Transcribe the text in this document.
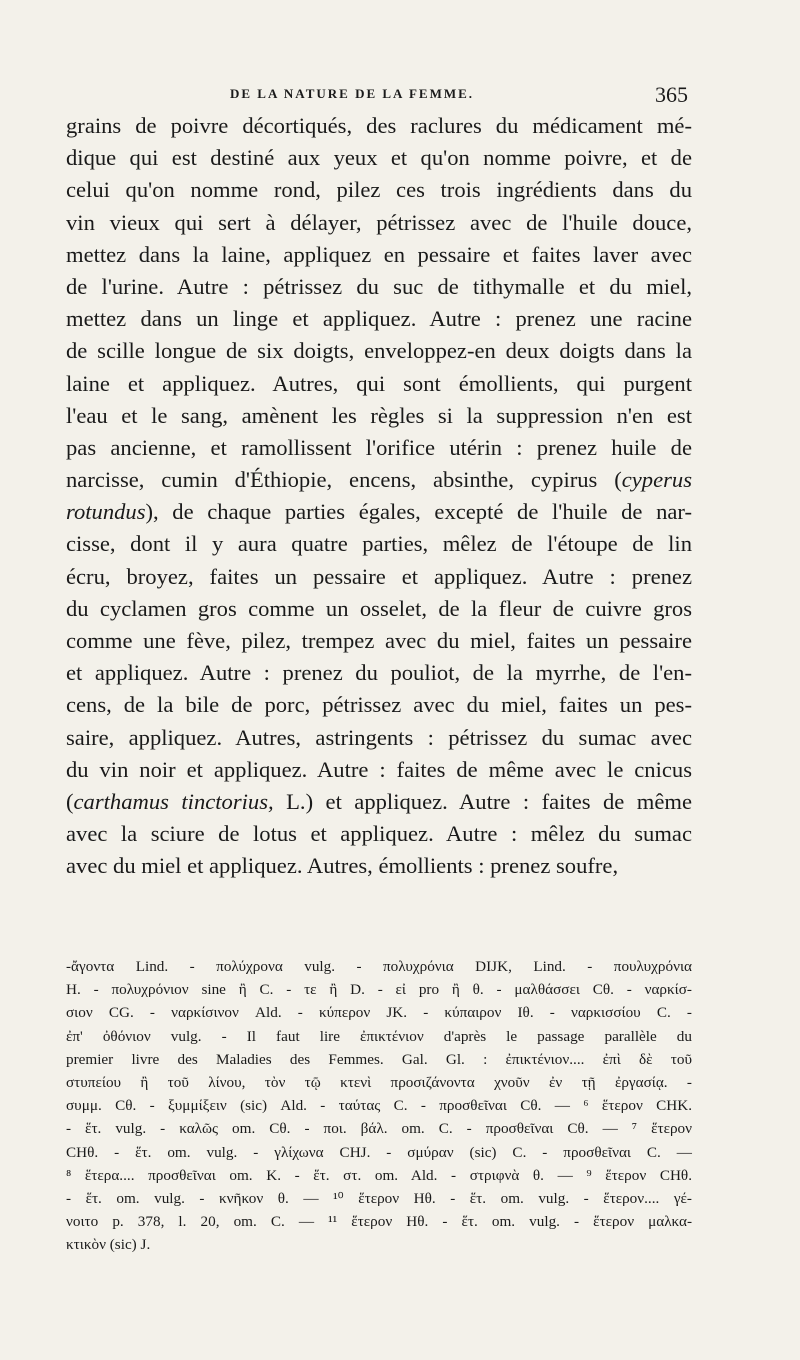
DE LA NATURE DE LA FEMME.	365
grains de poivre décortiqués, des raclures du médicament mé-
dique qui est destiné aux yeux et qu'on nomme poivre, et de
celui qu'on nomme rond, pilez ces trois ingrédients dans du
vin vieux qui sert à délayer, pétrissez avec de l'huile douce,
mettez dans la laine, appliquez en pessaire et faites laver avec
de l'urine. Autre : pétrissez du suc de tithymalle et du miel,
mettez dans un linge et appliquez. Autre : prenez une racine
de scille longue de six doigts, enveloppez-en deux doigts dans la
laine et appliquez. Autres, qui sont émollients, qui purgent
l'eau et le sang, amènent les règles si la suppression n'en est
pas ancienne, et ramollissent l'orifice utérin : prenez huile de
narcisse, cumin d'Éthiopie, encens, absinthe, cypirus (cyperus
rotundus), de chaque parties égales, excepté de l'huile de nar-
cisse, dont il y aura quatre parties, mêlez de l'étoupe de lin
écru, broyez, faites un pessaire et appliquez. Autre : prenez
du cyclamen gros comme un osselet, de la fleur de cuivre gros
comme une fève, pilez, trempez avec du miel, faites un pessaire
et appliquez. Autre : prenez du pouliot, de la myrrhe, de l'en-
cens, de la bile de porc, pétrissez avec du miel, faites un pes-
saire, appliquez. Autres, astringents : pétrissez du sumac avec
du vin noir et appliquez. Autre : faites de même avec le cnicus
(carthamus tinctorius, L.) et appliquez. Autre : faites de même
avec la sciure de lotus et appliquez. Autre : mêlez du sumac
avec du miel et appliquez. Autres, émollients : prenez soufre,
-ἄγοντα Lind. - πολύχρονα vulg. - πολυχρόνια DIJK, Lind. - πουλυχρόνια
H. - πολυχρόνιον sine ἢ C. - τε ἢ D. - εἰ pro ἢ θ. - μαλθάσσει Cθ. - ναρκίσ-
σιον CG. - ναρκίσινον Ald. - κύπερον JK. - κύπαιρον Iθ. - ναρκισσίου C. -
ἐπ' ὀθόνιον vulg. - Il faut lire ἐπικτένιον d'après le passage parallèle du
premier livre des Maladies des Femmes. Gal. Gl. : ἐπικτένιον.... ἐπὶ δὲ τοῦ
στυπείου ἢ τοῦ λίνου, τὸν τῷ κτενὶ προσιζάνοντα χνοῦν ἐν τῇ ἐργασίᾳ. -
συμμ. Cθ. - ξυμμίξειν (sic) Ald. - ταύτας C. - προσθεῖναι Cθ. — ⁶ ἕτερον CHK.
- ἕτ. vulg. - καλῶς om. Cθ. - ποι. βάλ. om. C. - προσθεῖναι Cθ. — ⁷ ἕτερον
CHθ. - ἕτ. om. vulg. - γλίχωνα CHJ. - σμύραν (sic) C. - προσθεῖναι C. —
⁸ ἕτερα.... προσθεῖναι om. K. - ἕτ. στ. om. Ald. - στριφνὰ θ. — ⁹ ἕτερον CHθ.
- ἕτ. om. vulg. - κνῆκον θ. — ¹⁰ ἕτερον Hθ. - ἕτ. om. vulg. - ἕτερον.... γέ-
νοιτο p. 378, l. 20, om. C. — ¹¹ ἕτερον Hθ. - ἕτ. om. vulg. - ἕτερον μαλκα-
κτικὸν (sic) J.
